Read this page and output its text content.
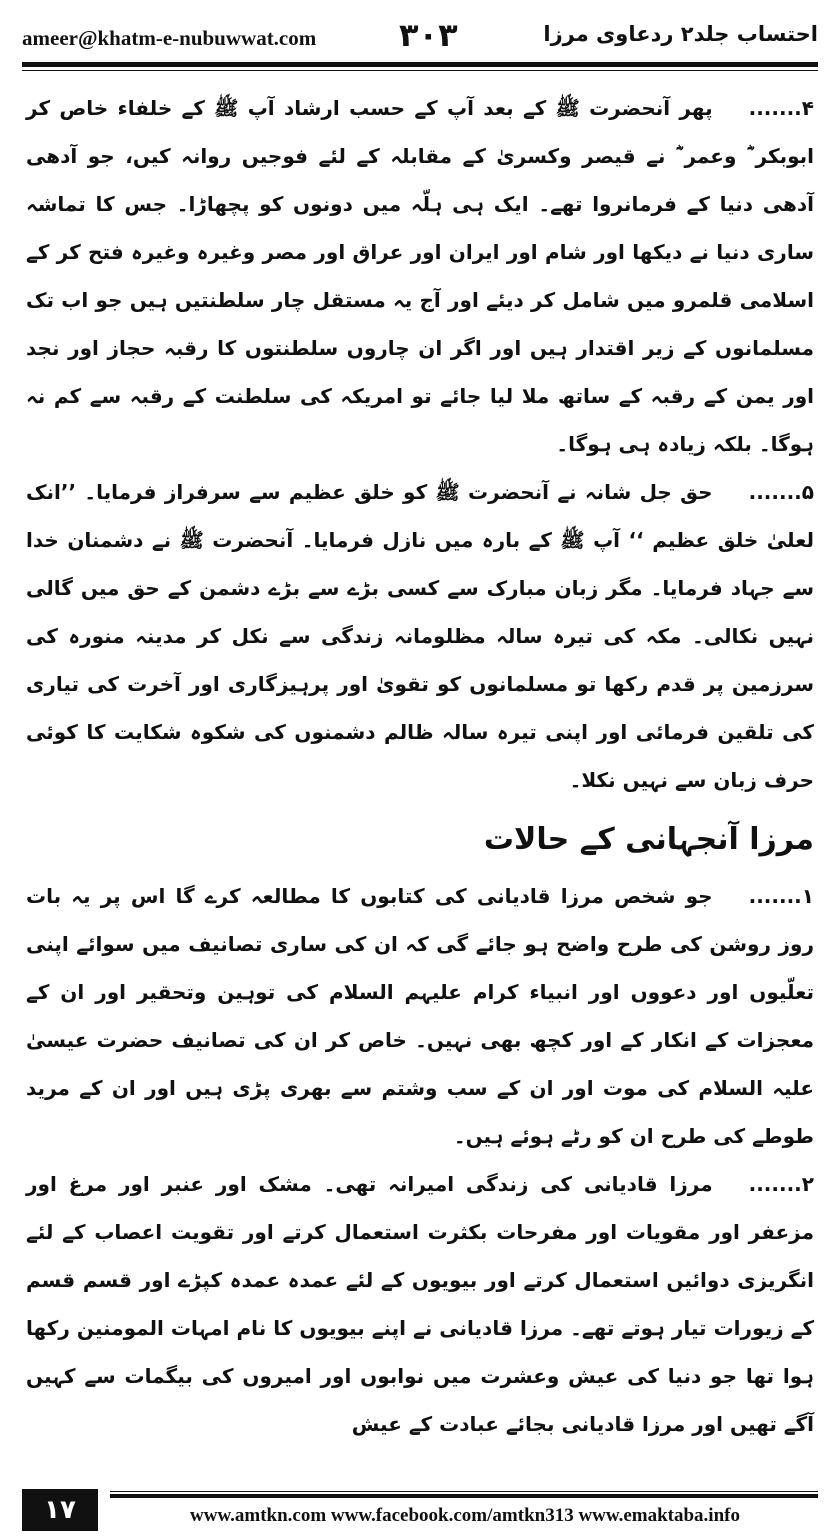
ameer@khatm-e-nubuwwat.com	۳۰۳	احتساب جلد۲ ردعاوی مرزا

۴.......پھر آنحضرت ﷺ کے بعد آپ کے حسب ارشاد آپ ﷺ کے خلفاء خاص کر ابوبکر ؓ وعمر ؓ نے قیصر وکسریٰ کے مقابلہ کے لئے فوجیں روانہ کیں، جو آدھی آدھی دنیا کے فرمانروا تھے۔ ایک ہی ہلّہ میں دونوں کو پچھاڑا۔ جس کا تماشہ ساری دنیا نے دیکھا اور شام اور ایران اور عراق اور مصر وغیرہ وغیرہ فتح کر کے اسلامی قلمرو میں شامل کر دیئے اور آج یہ مستقل چار سلطنتیں ہیں جو اب تک مسلمانوں کے زیر اقتدار ہیں اور اگر ان چاروں سلطنتوں کا رقبہ حجاز اور نجد اور یمن کے رقبہ کے ساتھ ملا لیا جائے تو امریکہ کی سلطنت کے رقبہ سے کم نہ ہوگا۔ بلکہ زیادہ ہی ہوگا۔

۵.......حق جل شانہ نے آنحضرت ﷺ کو خلق عظیم سے سرفراز فرمایا۔ ’’انک لعلیٰ خلق عظیم ‘‘ آپ ﷺ کے بارہ میں نازل فرمایا۔ آنحضرت ﷺ نے دشمنان خدا سے جہاد فرمایا۔ مگر زبان مبارک سے کسی بڑے سے بڑے دشمن کے حق میں گالی نہیں نکالی۔ مکہ کی تیرہ سالہ مظلومانہ زندگی سے نکل کر مدینہ منورہ کی سرزمین پر قدم رکھا تو مسلمانوں کو تقویٰ اور پرہیزگاری اور آخرت کی تیاری کی تلقین فرمائی اور اپنی تیرہ سالہ ظالم دشمنوں کی شکوہ شکایت کا کوئی حرف زبان سے نہیں نکلا۔

مرزا آنجہانی کے حالات

۱.......جو شخص مرزا قادیانی کی کتابوں کا مطالعہ کرے گا اس پر یہ بات روز روشن کی طرح واضح ہو جائے گی کہ ان کی ساری تصانیف میں سوائے اپنی تعلّیوں اور دعووں اور انبیاء کرام علیہم السلام کی توہین وتحقیر اور ان کے معجزات کے انکار کے اور کچھ بھی نہیں۔ خاص کر ان کی تصانیف حضرت عیسیٰ علیہ السلام کی موت اور ان کے سب وشتم سے بھری پڑی ہیں اور ان کے مرید طوطے کی طرح ان کو رٹے ہوئے ہیں۔

۲.......مرزا قادیانی کی زندگی امیرانہ تھی۔ مشک اور عنبر اور مرغ اور مزعفر اور مقویات اور مفرحات بکثرت استعمال کرتے اور تقویت اعصاب کے لئے انگریزی دوائیں استعمال کرتے اور بیویوں کے لئے عمدہ عمدہ کپڑے اور قسم قسم کے زیورات تیار ہوتے تھے۔ مرزا قادیانی نے اپنے بیویوں کا نام امہات المومنین رکھا ہوا تھا جو دنیا کی عیش وعشرت میں نوابوں اور امیروں کی بیگمات سے کہیں آگے تھیں اور مرزا قادیانی بجائے عبادت کے عیش

۱۷	www.amtkn.com www.facebook.com/amtkn313 www.emaktaba.info
